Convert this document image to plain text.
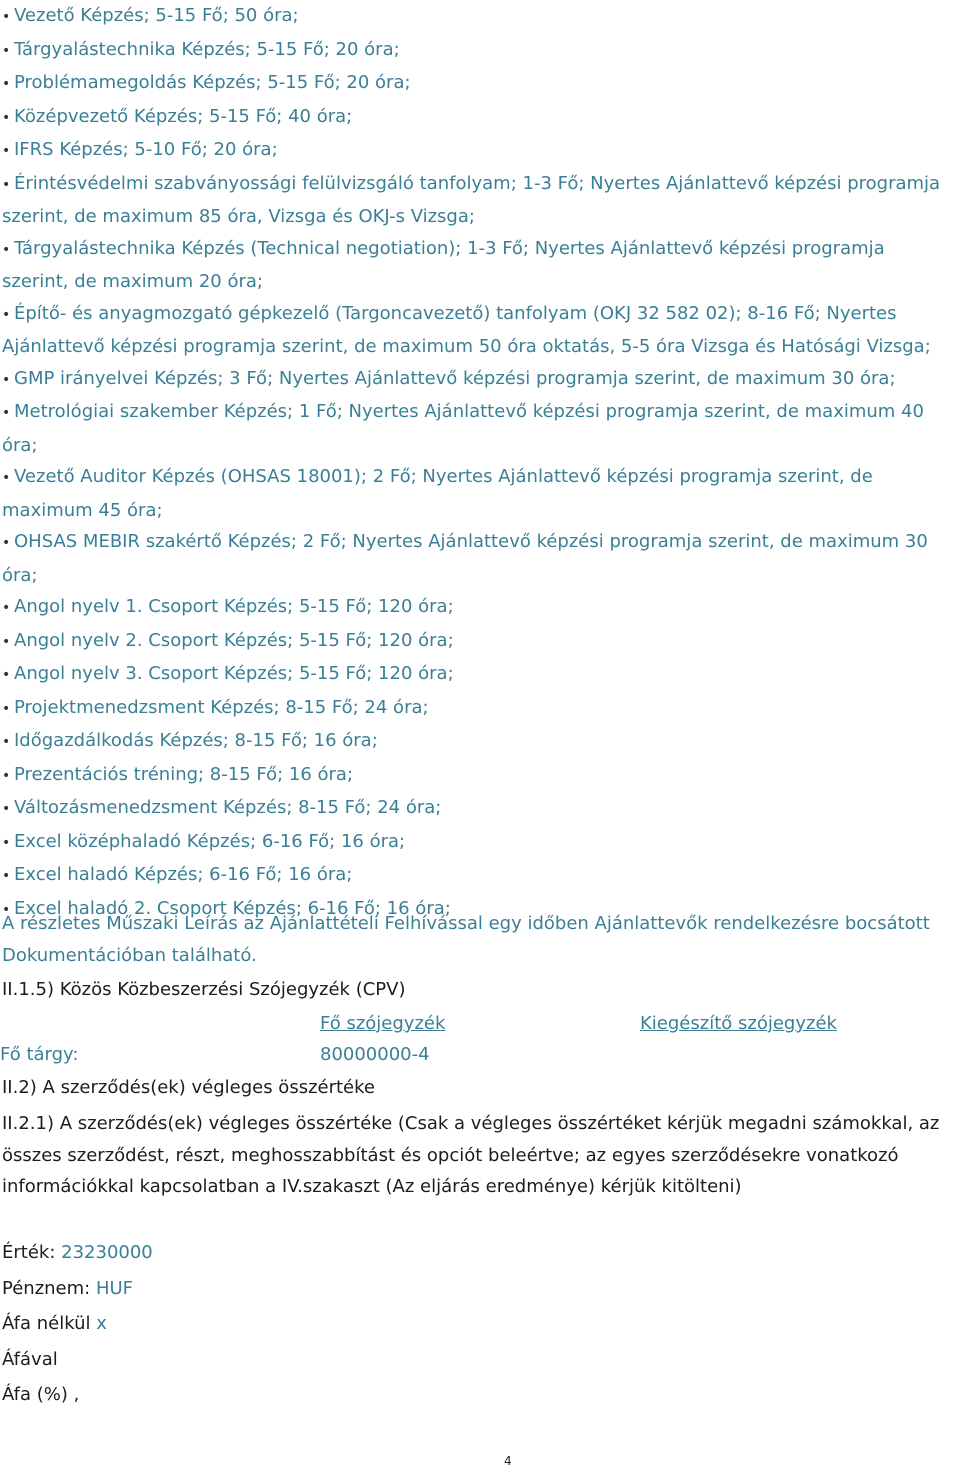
• Vezető Képzés; 5-15 Fő; 50 óra;
• Tárgyalástechnika Képzés; 5-15 Fő; 20 óra;
• Problémamegoldás Képzés; 5-15 Fő; 20 óra;
• Középvezető Képzés; 5-15 Fő; 40 óra;
• IFRS Képzés; 5-10 Fő; 20 óra;
• Érintésvédelmi szabványossági felülvizsgáló tanfolyam; 1-3 Fő; Nyertes Ajánlattevő képzési programja szerint, de maximum 85 óra, Vizsga és OKJ-s Vizsga;
• Tárgyalástechnika Képzés (Technical negotiation); 1-3 Fő; Nyertes Ajánlattevő képzési programja szerint, de maximum 20 óra;
• Építő- és anyagmozgató gépkezelő (Targoncavezető) tanfolyam (OKJ 32 582 02); 8-16 Fő; Nyertes Ajánlattevő képzési programja szerint, de maximum 50 óra oktatás, 5-5 óra Vizsga és Hatósági Vizsga;
• GMP irányelvei Képzés; 3 Fő; Nyertes Ajánlattevő képzési programja szerint, de maximum 30 óra;
• Metrológiai szakember Képzés; 1 Fő; Nyertes Ajánlattevő képzési programja szerint, de maximum 40 óra;
• Vezető Auditor Képzés (OHSAS 18001); 2 Fő; Nyertes Ajánlattevő képzési programja szerint, de maximum 45 óra;
• OHSAS MEBIR szakértő Képzés; 2 Fő; Nyertes Ajánlattevő képzési programja szerint, de maximum 30 óra;
• Angol nyelv 1. Csoport Képzés; 5-15 Fő; 120 óra;
• Angol nyelv 2. Csoport Képzés; 5-15 Fő; 120 óra;
• Angol nyelv 3. Csoport Képzés; 5-15 Fő; 120 óra;
• Projektmenedzsment Képzés; 8-15 Fő; 24 óra;
• Időgazdálkodás Képzés; 8-15 Fő; 16 óra;
• Prezentációs tréning; 8-15 Fő; 16 óra;
• Változásmenedzsment Képzés; 8-15 Fő; 24 óra;
• Excel középhaladó Képzés; 6-16 Fő; 16 óra;
• Excel haladó Képzés; 6-16 Fő; 16 óra;
• Excel haladó 2. Csoport Képzés; 6-16 Fő; 16 óra;

A részletes Műszaki Leírás az Ajánlattételi Felhívással egy időben Ajánlattevők rendelkezésre bocsátott Dokumentációban található.

II.1.5) Közös Közbeszerzési Szójegyzék (CPV)
Fő szójegyzék	Kiegészítő szójegyzék
Fő tárgy:	80000000-4
II.2) A szerződés(ek) végleges összértéke

II.2.1) A szerződés(ek) végleges összértéke (Csak a végleges összértéket kérjük megadni számokkal, az összes szerződést, részt, meghosszabbítást és opciót beleértve; az egyes szerződésekre vonatkozó információkkal kapcsolatban a IV.szakaszt (Az eljárás eredménye) kérjük kitölteni)

Érték: 23230000
Pénznem: HUF
Áfa nélkül x
Áfával
Áfa (%) ,
4
